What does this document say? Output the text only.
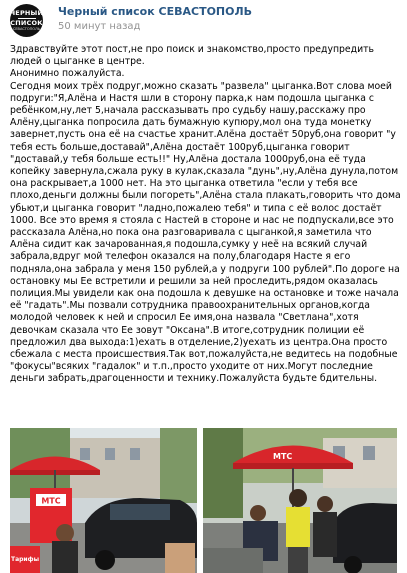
ЧЕРНЫЙ
СПИСОК
СЕВАСТОПОЛЬ
Черный список СЕВАСТОПОЛЬ
50 минут назад

Здравствуйте этот пост,не про поиск и знакомство,просто предупредить людей о цыганке в центре.

Анонимно пожалуйста.

Сегодня моих трёх подруг,можно сказать "развела" цыганка.Вот слова моей подруги:"Я,Алёна и Настя шли в сторону парка,к нам подошла цыганка с ребёнком,ну,лет 5,начала рассказывать про судьбу нашу,расскажу про Алёну,цыганка попросила дать бумажную купюру,мол она туда монетку завернет,пусть она её на счастье хранит.Алёна достаёт 50руб,она говорит "у тебя есть больше,доставай",Алёна достаёт 100руб,цыганка говорит "доставай,у тебя больше есть!!" Ну,Алёна достала 1000руб,она её туда копейку завернула,сжала руку в кулак,сказала "дунь",ну,Алёна дунула,потом она раскрывает,а 1000 нет. На это цыганка ответила "если у тебя все плохо,деньги должны были погореть",Алёна стала плакать,говорить что дома убьют,и цыганка говорит "ладно,пожалею тебя" и типа с её волос достаёт 1000. Все это время я стояла с Настей в стороне и нас не подпускали,все это рассказала Алёна,но пока она разговаривала с цыганкой,я заметила что Алёна сидит как зачарованная,я подошла,сумку у неё на всякий случай забрала,вдруг мой телефон оказался на полу,благодаря Насте я его подняла,она забрала у меня 150 рублей,а у подруги 100 рублей".По дороге на остановку мы Ее встретили и решили за ней проследить,рядом оказалась полиция.Мы увидели как она подошла к девушке на остановке и тоже начала её "гадать".Мы позвали сотрудника правоохранительных органов,когда молодой человек к ней и спросил Ее имя,она назвала "Светлана",хотя девочкам сказала что Ее зовут "Оксана".В итоге,сотрудник полиции её предложил два выхода:1)ехать в отделение,2)уехать из центра.Она просто сбежала с места происшествия.Так вот,пожалуйста,не ведитесь на подобные "фокусы"всяких "гадалок" и т.п.,просто уходите от них.Могут последние деньги забрать,драгоценности и технику.Пожалуйста будьте бдительны.

МТС
Тарифы
МТС
